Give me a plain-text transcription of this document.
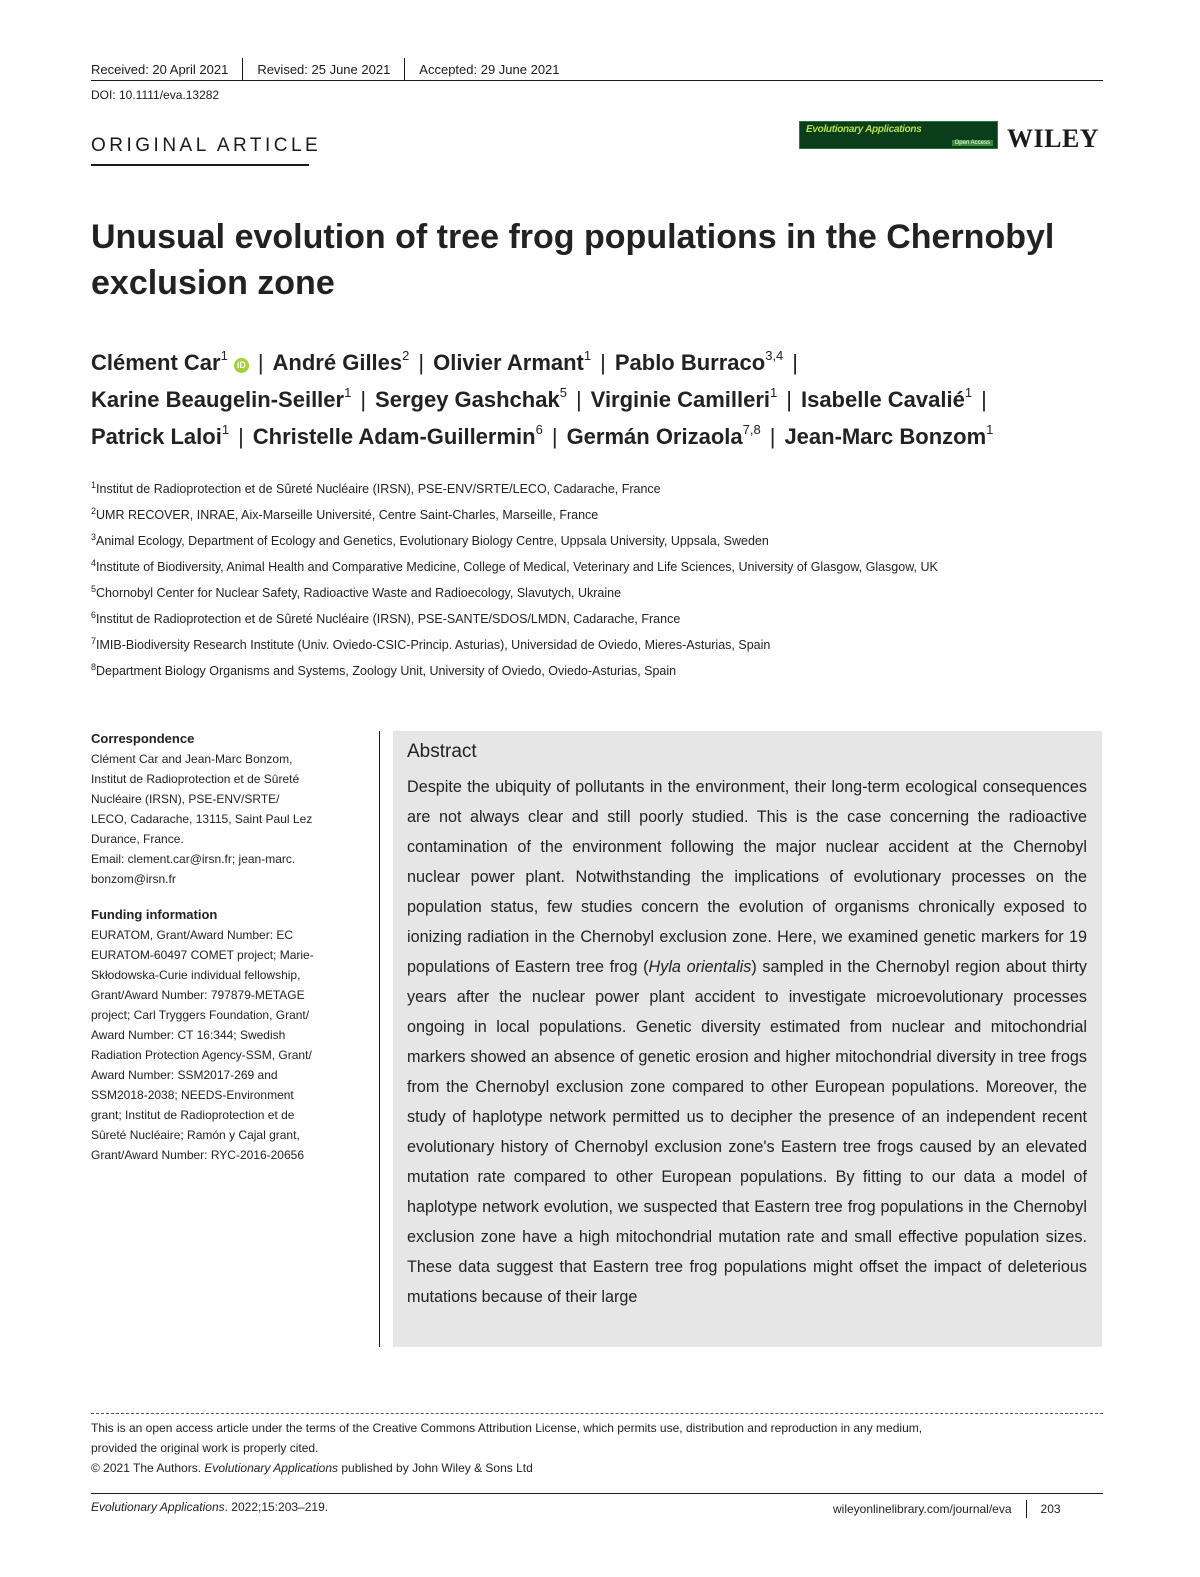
Received: 20 April 2021 Revised: 25 June 2021 Accepted: 29 June 2021
DOI: 10.1111/eva.13282
ORIGINAL ARTICLE
Evolutionary Applications
Open Access WILEY
Unusual evolution of tree frog populations in the Chernobyl exclusion zone
Clément Car$^1$iD | André Gilles$^2$ | Olivier Armant$^1$ | Pablo Burraco$^{3,4}$ |
Karine Beaugelin-Seiller$^1$ | Sergey Gashchak$^5$ | Virginie Camilleri$^1$ | Isabelle Cavalié$^1$ |
Patrick Laloi$^1$ | Christelle Adam-Guillermin$^6$ | Germán Orizaola$^{7,8}$ | Jean-Marc Bonzom$^1$
$^1$Institut de Radioprotection et de Sûreté Nucléaire (IRSN), PSE-ENV/SRTE/LECO, Cadarache, France
$^2$UMR RECOVER, INRAE, Aix-Marseille Université, Centre Saint-Charles, Marseille, France
$^3$Animal Ecology, Department of Ecology and Genetics, Evolutionary Biology Centre, Uppsala University, Uppsala, Sweden
$^4$Institute of Biodiversity, Animal Health and Comparative Medicine, College of Medical, Veterinary and Life Sciences, University of Glasgow, Glasgow, UK
$^5$Chornobyl Center for Nuclear Safety, Radioactive Waste and Radioecology, Slavutych, Ukraine
$^6$Institut de Radioprotection et de Sûreté Nucléaire (IRSN), PSE-SANTE/SDOS/LMDN, Cadarache, France
$^7$IMIB-Biodiversity Research Institute (Univ. Oviedo-CSIC-Princip. Asturias), Universidad de Oviedo, Mieres-Asturias, Spain
$^8$Department Biology Organisms and Systems, Zoology Unit, University of Oviedo, Oviedo-Asturias, Spain
Correspondence
Clément Car and Jean-Marc Bonzom,
Institut de Radioprotection et de Sûreté
Nucléaire (IRSN), PSE-ENV/SRTE/
LECO, Cadarache, 13115, Saint Paul Lez
Durance, France.
Email: clement.car@irsn.fr; jean-marc.
bonzom@irsn.fr
Funding information
EURATOM, Grant/Award Number: EC
EURATOM-60497 COMET project; Marie-
Skłodowska-Curie individual fellowship,
Grant/Award Number: 797879-METAGE
project; Carl Tryggers Foundation, Grant/
Award Number: CT 16:344; Swedish
Radiation Protection Agency-SSM, Grant/
Award Number: SSM2017-269 and
SSM2018-2038; NEEDS-Environment
grant; Institut de Radioprotection et de
Sûreté Nucléaire; Ramón y Cajal grant,
Grant/Award Number: RYC-2016-20656
Abstract
Despite the ubiquity of pollutants in the environment, their long-term ecological consequences are not always clear and still poorly studied. This is the case concerning the radioactive contamination of the environment following the major nuclear accident at the Chernobyl nuclear power plant. Notwithstanding the implications of evolutionary processes on the population status, few studies concern the evolution of organisms chronically exposed to ionizing radiation in the Chernobyl exclusion zone. Here, we examined genetic markers for 19 populations of Eastern tree frog (Hyla orientalis) sampled in the Chernobyl region about thirty years after the nuclear power plant accident to investigate microevolutionary processes ongoing in local populations. Genetic diversity estimated from nuclear and mitochondrial markers showed an absence of genetic erosion and higher mitochondrial diversity in tree frogs from the Chernobyl exclusion zone compared to other European populations. Moreover, the study of haplotype network permitted us to decipher the presence of an independent recent evolutionary history of Chernobyl exclusion zone's Eastern tree frogs caused by an elevated mutation rate compared to other European populations. By fitting to our data a model of haplotype network evolution, we suspected that Eastern tree frog populations in the Chernobyl exclusion zone have a high mitochondrial mutation rate and small effective population sizes. These data suggest that Eastern tree frog populations might offset the impact of deleterious mutations because of their large
This is an open access article under the terms of the Creative Commons Attribution License, which permits use, distribution and reproduction in any medium,
provided the original work is properly cited.
© 2021 The Authors. Evolutionary Applications published by John Wiley & Sons Ltd
Evolutionary Applications. 2022;15:203–219.	wileyonlinelibrary.com/journal/eva 203
